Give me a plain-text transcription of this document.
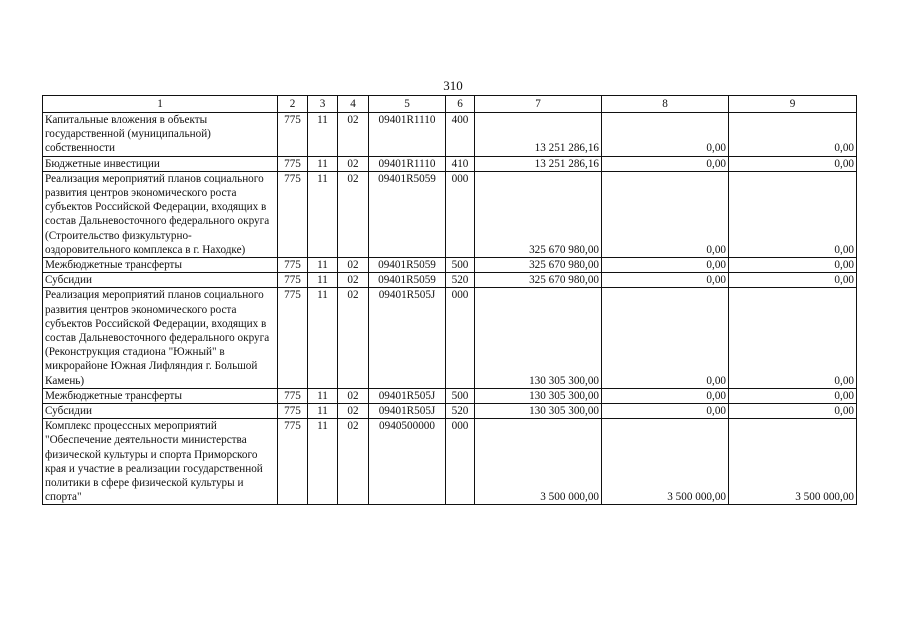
310
1	2	3	4	5	6	7	8	9
Капитальные вложения в объекты государственной (муниципальной) собственности	775	11	02	09401R1110	400	13 251 286,16	0,00	0,00
Бюджетные инвестиции	775	11	02	09401R1110	410	13 251 286,16	0,00	0,00
Реализация мероприятий планов социального развития центров экономического роста субъектов Российской Федерации, входящих в состав Дальневосточного федерального округа (Строительство физкультурно-оздоровительного комплекса в г. Находке)	775	11	02	09401R5059	000	325 670 980,00	0,00	0,00
Межбюджетные трансферты	775	11	02	09401R5059	500	325 670 980,00	0,00	0,00
Субсидии	775	11	02	09401R5059	520	325 670 980,00	0,00	0,00
Реализация мероприятий планов социального развития центров экономического роста субъектов Российской Федерации, входящих в состав Дальневосточного федерального округа (Реконструкция стадиона "Южный" в микрорайоне Южная Лифляндия г. Большой Камень)	775	11	02	09401R505J	000	130 305 300,00	0,00	0,00
Межбюджетные трансферты	775	11	02	09401R505J	500	130 305 300,00	0,00	0,00
Субсидии	775	11	02	09401R505J	520	130 305 300,00	0,00	0,00
Комплекс процессных мероприятий "Обеспечение деятельности министерства физической культуры и спорта Приморского края и участие в реализации государственной политики в сфере физической культуры и спорта"	775	11	02	0940500000	000	3 500 000,00	3 500 000,00	3 500 000,00
